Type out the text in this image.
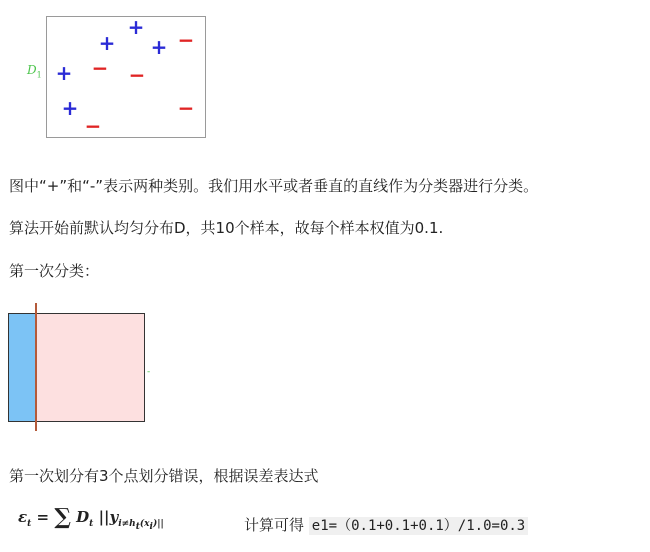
$D_1$
+
+ +
+
+
−
− −
−
−
图中“+”和“-”表示两种类别。我们用水平或者垂直的直线作为分类器进行分类。
算法开始前默认均匀分布D，共10个样本，故每个样本权值为0.1.
第一次分类：
-
第一次划分有3个点划分错误，根据误差表达式
$\varepsilon_t$ = ∑ $D_t$ $||y_{i\ne h_t(x_i)||}$	计算可得 e1=（0.1+0.1+0.1）/1.0=0.3
